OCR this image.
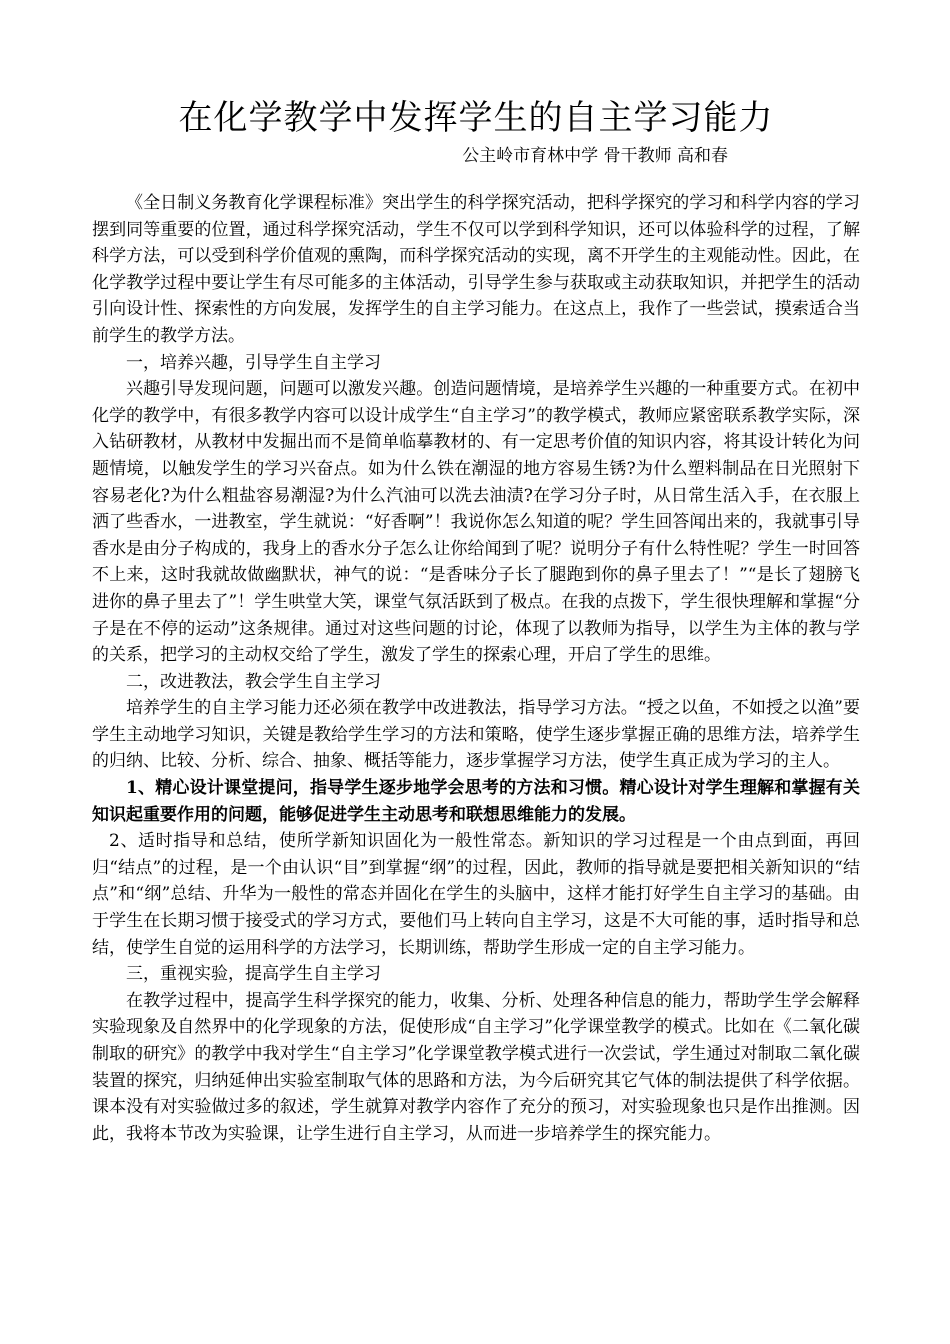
在化学教学中发挥学生的自主学习能力

公主岭市育林中学 骨干教师 高和春

《全日制义务教育化学课程标准》突出学生的科学探究活动，把科学探究的学习和科学内容的学习摆到同等重要的位置，通过科学探究活动，学生不仅可以学到科学知识，还可以体验科学的过程，了解科学方法，可以受到科学价值观的熏陶，而科学探究活动的实现，离不开学生的主观能动性。因此，在化学教学过程中要让学生有尽可能多的主体活动，引导学生参与获取或主动获取知识，并把学生的活动引向设计性、探索性的方向发展，发挥学生的自主学习能力。在这点上，我作了一些尝试，摸索适合当前学生的教学方法。

一，培养兴趣，引导学生自主学习

兴趣引导发现问题，问题可以激发兴趣。创造问题情境，是培养学生兴趣的一种重要方式。在初中化学的教学中，有很多教学内容可以设计成学生“自主学习”的教学模式，教师应紧密联系教学实际，深入钻研教材，从教材中发掘出而不是简单临摹教材的、有一定思考价值的知识内容，将其设计转化为问题情境，以触发学生的学习兴奋点。如为什么铁在潮湿的地方容易生锈?为什么塑料制品在日光照射下容易老化?为什么粗盐容易潮湿?为什么汽油可以洗去油渍?在学习分子时，从日常生活入手，在衣服上洒了些香水，一进教室，学生就说：“好香啊”！我说你怎么知道的呢？学生回答闻出来的，我就事引导香水是由分子构成的，我身上的香水分子怎么让你给闻到了呢？说明分子有什么特性呢？学生一时回答不上来，这时我就故做幽默状，神气的说：“是香味分子长了腿跑到你的鼻子里去了！”“是长了翅膀飞进你的鼻子里去了”！学生哄堂大笑，课堂气氛活跃到了极点。在我的点拨下，学生很快理解和掌握“分子是在不停的运动”这条规律。通过对这些问题的讨论，体现了以教师为指导，以学生为主体的教与学的关系，把学习的主动权交给了学生，激发了学生的探索心理，开启了学生的思维。

二，改进教法，教会学生自主学习

培养学生的自主学习能力还必须在教学中改进教法，指导学习方法。“授之以鱼，不如授之以渔”要学生主动地学习知识，关键是教给学生学习的方法和策略，使学生逐步掌握正确的思维方法，培养学生的归纳、比较、分析、综合、抽象、概括等能力，逐步掌握学习方法，使学生真正成为学习的主人。

1、精心设计课堂提问，指导学生逐步地学会思考的方法和习惯。精心设计对学生理解和掌握有关知识起重要作用的问题，能够促进学生主动思考和联想思维能力的发展。

2、适时指导和总结，使所学新知识固化为一般性常态。新知识的学习过程是一个由点到面，再回归“结点”的过程，是一个由认识“目”到掌握“纲”的过程，因此，教师的指导就是要把相关新知识的“结点”和“纲”总结、升华为一般性的常态并固化在学生的头脑中，这样才能打好学生自主学习的基础。由于学生在长期习惯于接受式的学习方式，要他们马上转向自主学习，这是不大可能的事，适时指导和总结，使学生自觉的运用科学的方法学习，长期训练，帮助学生形成一定的自主学习能力。

三，重视实验，提高学生自主学习

在教学过程中，提高学生科学探究的能力，收集、分析、处理各种信息的能力，帮助学生学会解释实验现象及自然界中的化学现象的方法，促使形成“自主学习”化学课堂教学的模式。比如在《二氧化碳制取的研究》的教学中我对学生“自主学习”化学课堂教学模式进行一次尝试，学生通过对制取二氧化碳装置的探究，归纳延伸出实验室制取气体的思路和方法，为今后研究其它气体的制法提供了科学依据。课本没有对实验做过多的叙述，学生就算对教学内容作了充分的预习，对实验现象也只是作出推测。因此，我将本节改为实验课，让学生进行自主学习，从而进一步培养学生的探究能力。
